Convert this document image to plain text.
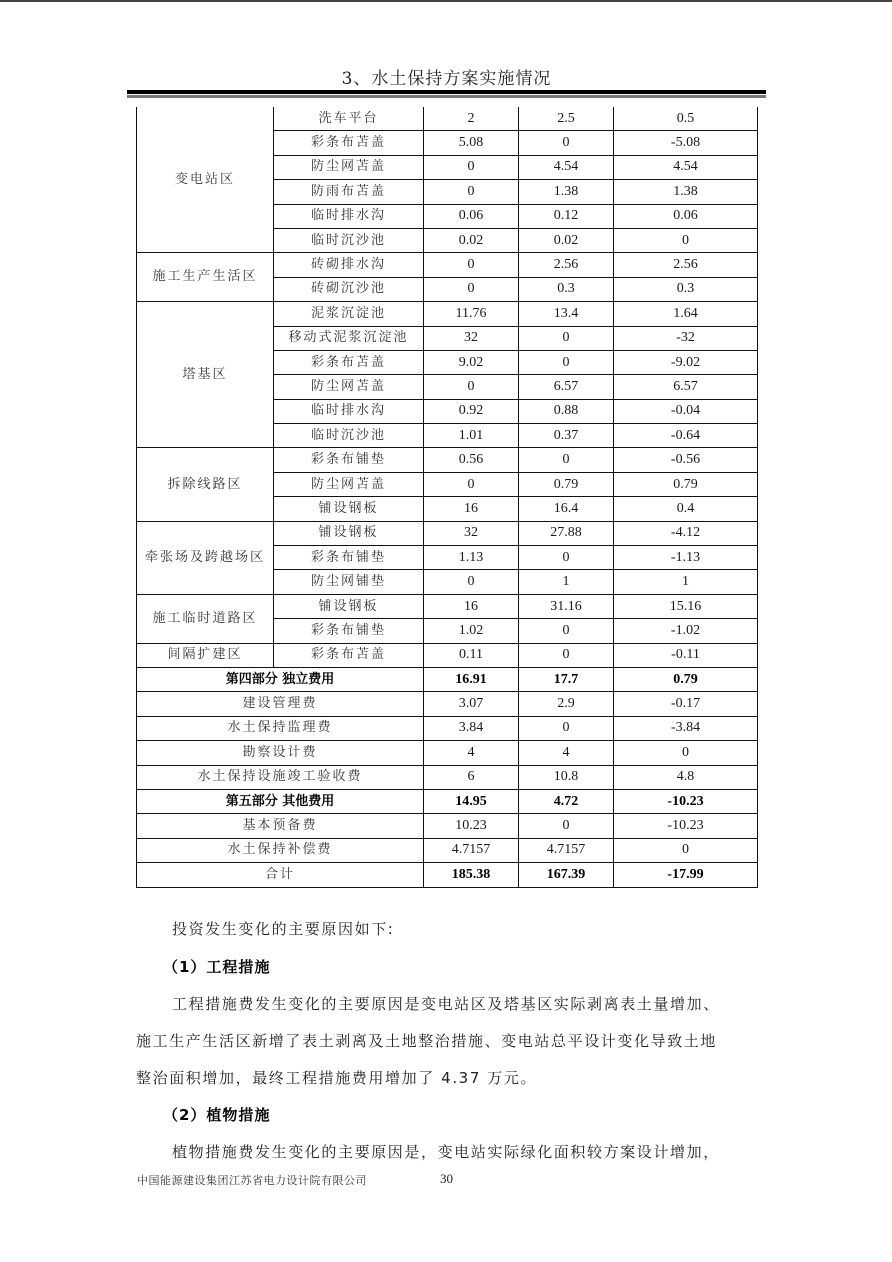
3、水土保持方案实施情况
变电站区	洗车平台	2	2.5	0.5
	彩条布苫盖	5.08	0	-5.08
	防尘网苫盖	0	4.54	4.54
	防雨布苫盖	0	1.38	1.38
	临时排水沟	0.06	0.12	0.06
	临时沉沙池	0.02	0.02	0
施工生产生活区	砖砌排水沟	0	2.56	2.56
	砖砌沉沙池	0	0.3	0.3
塔基区	泥浆沉淀池	11.76	13.4	1.64
	移动式泥浆沉淀池	32	0	-32
	彩条布苫盖	9.02	0	-9.02
	防尘网苫盖	0	6.57	6.57
	临时排水沟	0.92	0.88	-0.04
	临时沉沙池	1.01	0.37	-0.64
拆除线路区	彩条布铺垫	0.56	0	-0.56
	防尘网苫盖	0	0.79	0.79
	铺设钢板	16	16.4	0.4
牵张场及跨越场区	铺设钢板	32	27.88	-4.12
	彩条布铺垫	1.13	0	-1.13
	防尘网铺垫	0	1	1
施工临时道路区	铺设钢板	16	31.16	15.16
	彩条布铺垫	1.02	0	-1.02
间隔扩建区	彩条布苫盖	0.11	0	-0.11
第四部分 独立费用		16.91	17.7	0.79
建设管理费		3.07	2.9	-0.17
水土保持监理费		3.84	0	-3.84
勘察设计费		4	4	0
水土保持设施竣工验收费		6	10.8	4.8
第五部分 其他费用		14.95	4.72	-10.23
基本预备费		10.23	0	-10.23
水土保持补偿费		4.7157	4.7157	0
合计		185.38	167.39	-17.99
投资发生变化的主要原因如下:
（1）工程措施
工程措施费发生变化的主要原因是变电站区及塔基区实际剥离表土量增加、
施工生产生活区新增了表土剥离及土地整治措施、变电站总平设计变化导致土地
整治面积增加，最终工程措施费用增加了 4.37 万元。
（2）植物措施
植物措施费发生变化的主要原因是，变电站实际绿化面积较方案设计增加，
中国能源建设集团江苏省电力设计院有限公司	30
